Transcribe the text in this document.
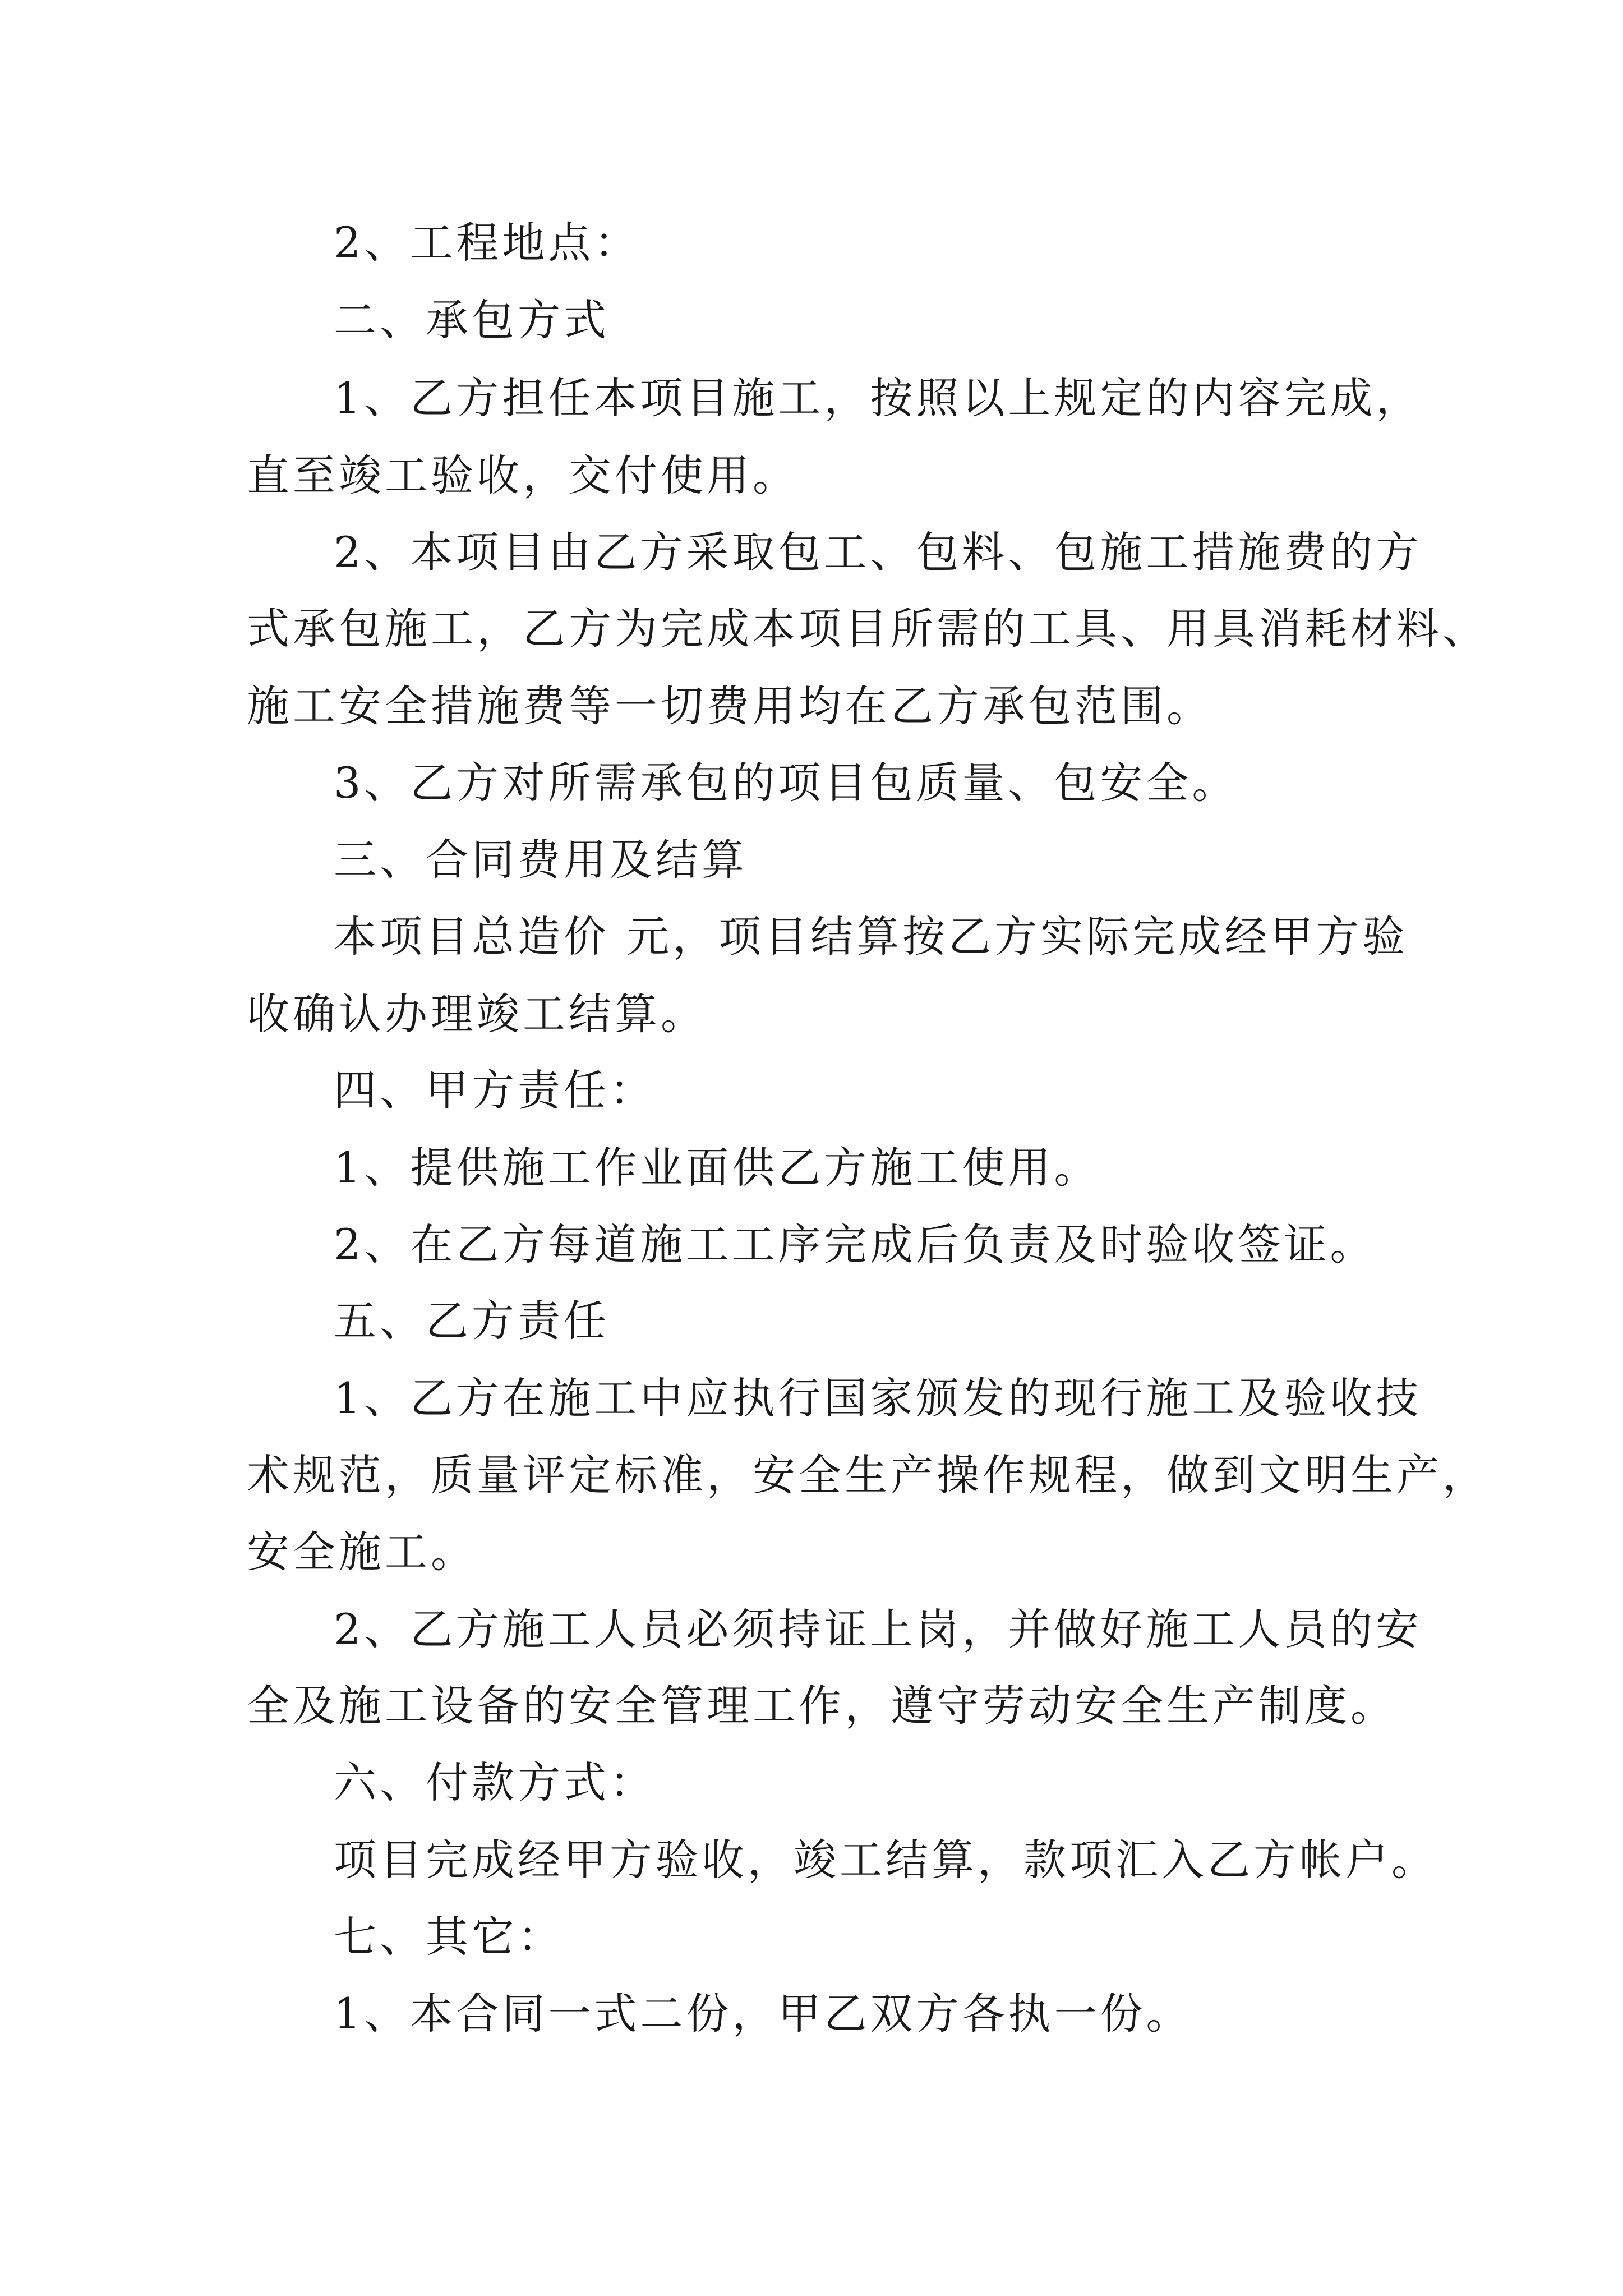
2、工程地点：
二、承包方式
1、乙方担任本项目施工，按照以上规定的内容完成，
直至竣工验收，交付使用。
2、本项目由乙方采取包工、包料、包施工措施费的方
式承包施工，乙方为完成本项目所需的工具、用具消耗材料、
施工安全措施费等一切费用均在乙方承包范围。
3、乙方对所需承包的项目包质量、包安全。
三、合同费用及结算
本项目总造价 元，项目结算按乙方实际完成经甲方验
收确认办理竣工结算。
四、甲方责任：
1、提供施工作业面供乙方施工使用。
2、在乙方每道施工工序完成后负责及时验收签证。
五、乙方责任
1、乙方在施工中应执行国家颁发的现行施工及验收技
术规范，质量评定标准，安全生产操作规程，做到文明生产，
安全施工。
2、乙方施工人员必须持证上岗，并做好施工人员的安
全及施工设备的安全管理工作，遵守劳动安全生产制度。
六、付款方式：
项目完成经甲方验收，竣工结算，款项汇入乙方帐户。
七、其它：
1、本合同一式二份，甲乙双方各执一份。
